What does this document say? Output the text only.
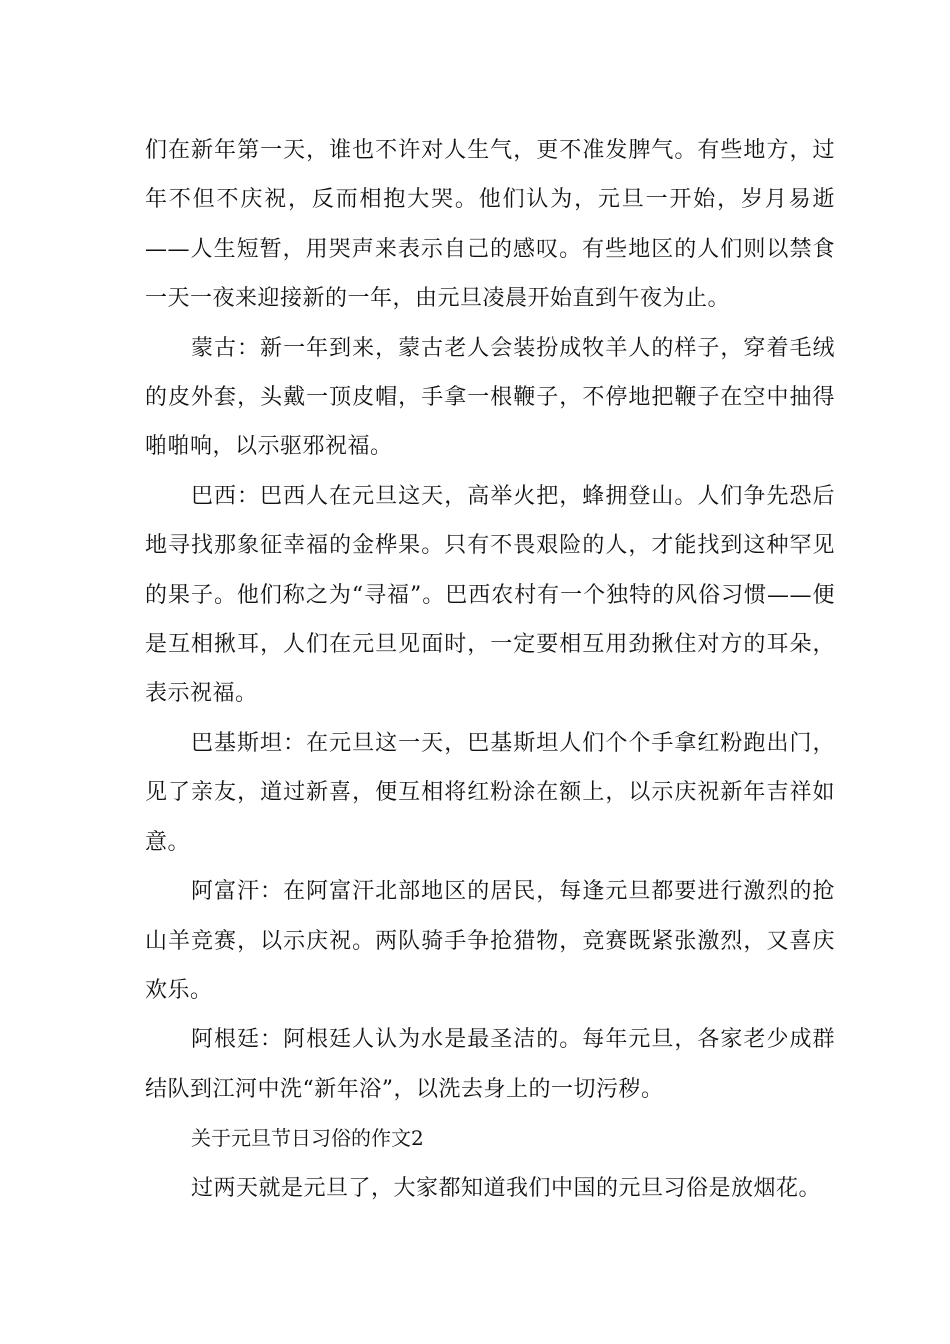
们在新年第一天，谁也不许对人生气，更不准发脾气。有些地方，过年不但不庆祝，反而相抱大哭。他们认为，元旦一开始，岁月易逝——人生短暂，用哭声来表示自己的感叹。有些地区的人们则以禁食一天一夜来迎接新的一年，由元旦凌晨开始直到午夜为止。

蒙古：新一年到来，蒙古老人会装扮成牧羊人的样子，穿着毛绒的皮外套，头戴一顶皮帽，手拿一根鞭子，不停地把鞭子在空中抽得啪啪响，以示驱邪祝福。

巴西：巴西人在元旦这天，高举火把，蜂拥登山。人们争先恐后地寻找那象征幸福的金桦果。只有不畏艰险的人，才能找到这种罕见的果子。他们称之为“寻福”。巴西农村有一个独特的风俗习惯——便是互相揪耳，人们在元旦见面时，一定要相互用劲揪住对方的耳朵，表示祝福。

巴基斯坦：在元旦这一天，巴基斯坦人们个个手拿红粉跑出门，见了亲友，道过新喜，便互相将红粉涂在额上，以示庆祝新年吉祥如意。

阿富汗：在阿富汗北部地区的居民，每逢元旦都要进行激烈的抢山羊竞赛，以示庆祝。两队骑手争抢猎物，竞赛既紧张激烈，又喜庆欢乐。

阿根廷：阿根廷人认为水是最圣洁的。每年元旦，各家老少成群结队到江河中洗“新年浴”，以洗去身上的一切污秽。

关于元旦节日习俗的作文2

过两天就是元旦了，大家都知道我们中国的元旦习俗是放烟花。
